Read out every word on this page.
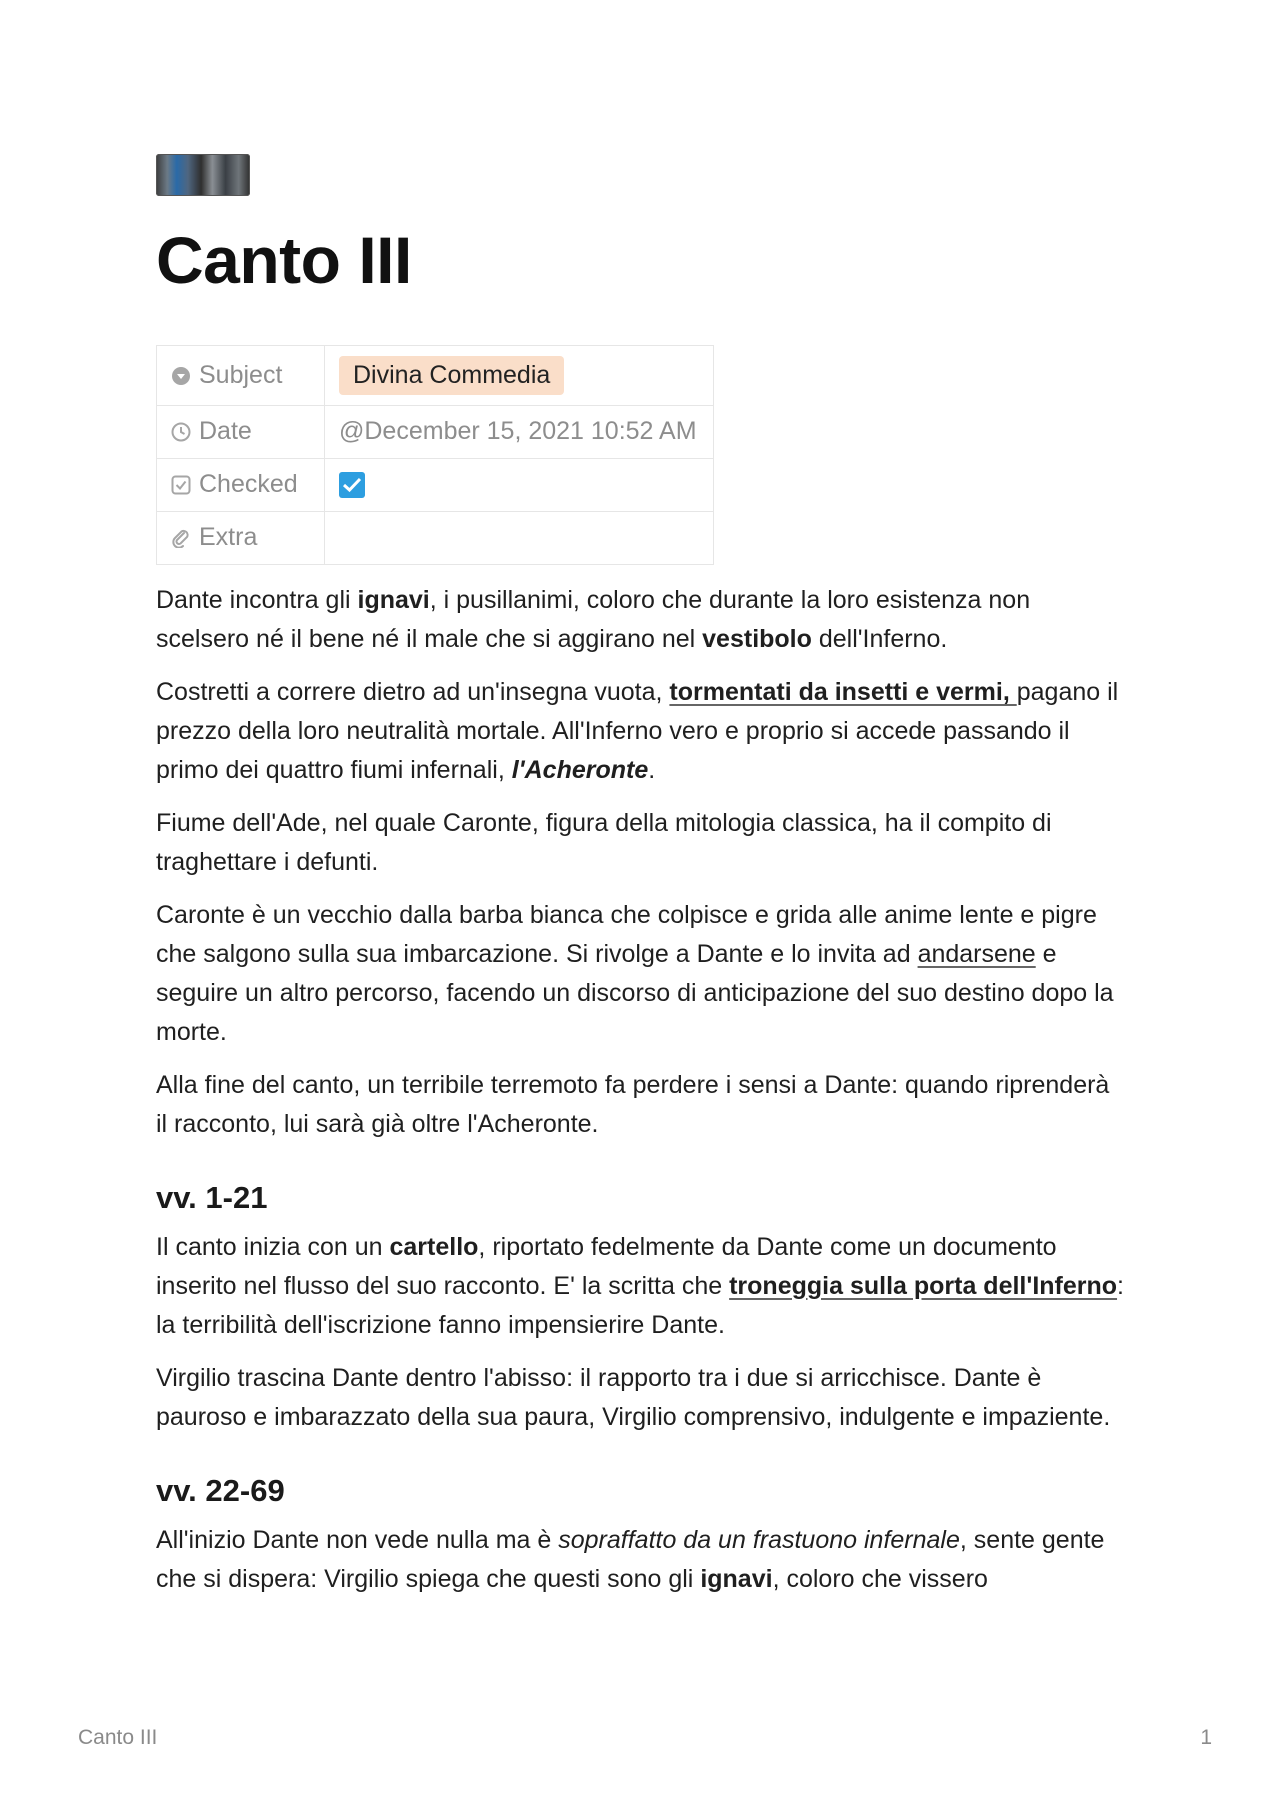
Canto III
Subject	Divina Commedia
Date	@December 15, 2021 10:52 AM
Checked	

Extra	

Dante incontra gli ignavi, i pusillanimi, coloro che durante la loro esistenza non scelsero né il bene né il male che si aggirano nel vestibolo dell'Inferno.

Costretti a correre dietro ad un'insegna vuota, tormentati da insetti e vermi, pagano il prezzo della loro neutralità mortale. All'Inferno vero e proprio si accede passando il primo dei quattro fiumi infernali, l'Acheronte.

Fiume dell'Ade, nel quale Caronte, figura della mitologia classica, ha il compito di traghettare i defunti.

Caronte è un vecchio dalla barba bianca che colpisce e grida alle anime lente e pigre che salgono sulla sua imbarcazione. Si rivolge a Dante e lo invita ad andarsene e seguire un altro percorso, facendo un discorso di anticipazione del suo destino dopo la morte.

Alla fine del canto, un terribile terremoto fa perdere i sensi a Dante: quando riprenderà il racconto, lui sarà già oltre l'Acheronte.

vv. 1-21

Il canto inizia con un cartello, riportato fedelmente da Dante come un documento inserito nel flusso del suo racconto. E' la scritta che troneggia sulla porta dell'Inferno: la terribilità dell'iscrizione fanno impensierire Dante.

Virgilio trascina Dante dentro l'abisso: il rapporto tra i due si arricchisce. Dante è pauroso e imbarazzato della sua paura, Virgilio comprensivo, indulgente e impaziente.

vv. 22-69

All'inizio Dante non vede nulla ma è sopraffatto da un frastuono infernale, sente gente che si dispera: Virgilio spiega che questi sono gli ignavi, coloro che vissero

Canto III	1
